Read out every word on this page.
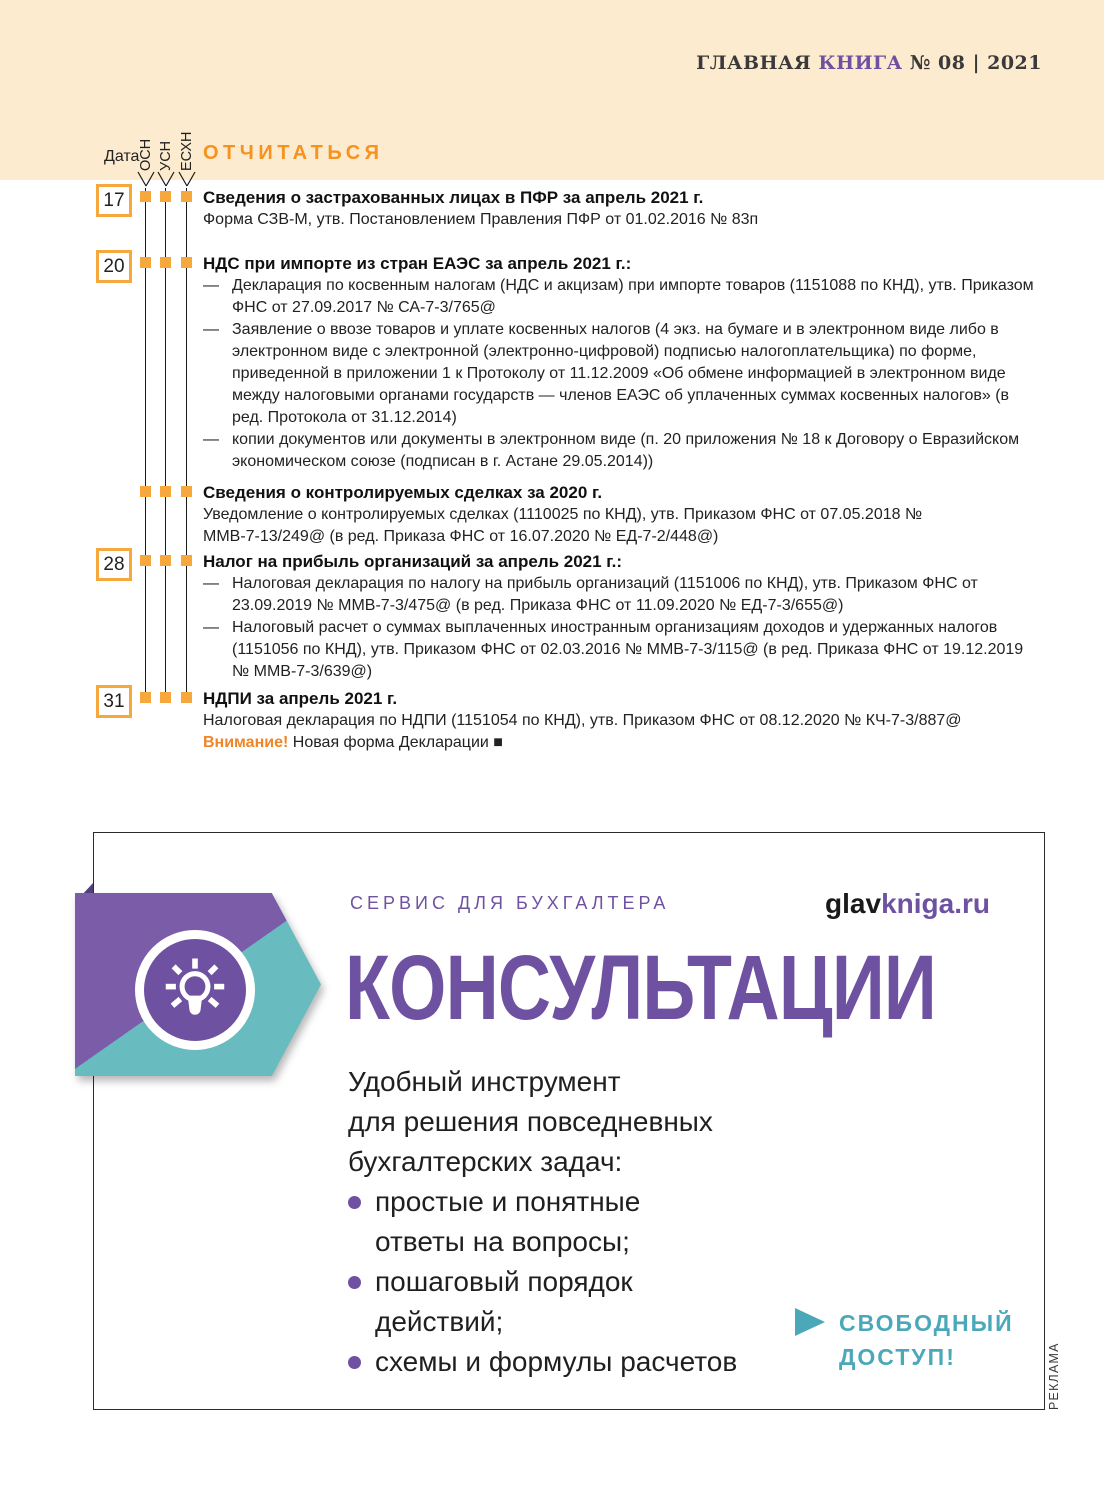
ГЛАВНАЯ КНИГА № 08 | 2021
Дата
ОСН УСН ЕСХН ОТЧИТАТЬСЯ
17	Сведения о застрахованных лицах в ПФР за апрель 2021 г.
Форма СЗВ-М, утв. Постановлением Правления ПФР от 01.02.2016 № 83п
20	НДС при импорте из стран ЕАЭС за апрель 2021 г.:
— Декларация по косвенным налогам (НДС и акцизам) при импорте товаров (1151088 по КНД), утв. Приказом ФНС от 27.09.2017 № СА-7-3/765@
— Заявление о ввозе товаров и уплате косвенных налогов (4 экз. на бумаге и в электронном виде либо в электронном виде с электронной (электронно-цифровой) подписью налогоплательщика) по форме, приведенной в приложении 1 к Протоколу от 11.12.2009 «Об обмене информацией в электронном виде между налоговыми органами государств — членов ЕАЭС об уплаченных суммах косвенных налогов» (в ред. Протокола от 31.12.2014)
— копии документов или документы в электронном виде (п. 20 приложения № 18 к Договору о Евразийском экономическом союзе (подписан в г. Астане 29.05.2014))
Сведения о контролируемых сделках за 2020 г.
Уведомление о контролируемых сделках (1110025 по КНД), утв. Приказом ФНС от 07.05.2018 № ММВ-7-13/249@ (в ред. Приказа ФНС от 16.07.2020 № ЕД-7-2/448@)
28	Налог на прибыль организаций за апрель 2021 г.:
— Налоговая декларация по налогу на прибыль организаций (1151006 по КНД), утв. Приказом ФНС от 23.09.2019 № ММВ-7-3/475@ (в ред. Приказа ФНС от 11.09.2020 № ЕД-7-3/655@)
— Налоговый расчет о суммах выплаченных иностранным организациям доходов и удержанных налогов (1151056 по КНД), утв. Приказом ФНС от 02.03.2016 № ММВ-7-3/115@ (в ред. Приказа ФНС от 19.12.2019 № ММВ-7-3/639@)
31	НДПИ за апрель 2021 г.
Налоговая декларация по НДПИ (1151054 по КНД), утв. Приказом ФНС от 08.12.2020 № КЧ-7-3/887@
Внимание! Новая форма Декларации ■
СЕРВИС ДЛЯ БУХГАЛТЕРА	glavkniga.ru
КОНСУЛЬТАЦИИ
Удобный инструмент
для решения повседневных
бухгалтерских задач:
простые и понятные
ответы на вопросы;
пошаговый порядок
действий;
схемы и формулы расчетов
СВОБОДНЫЙ
ДОСТУП!	РЕКЛАМА
